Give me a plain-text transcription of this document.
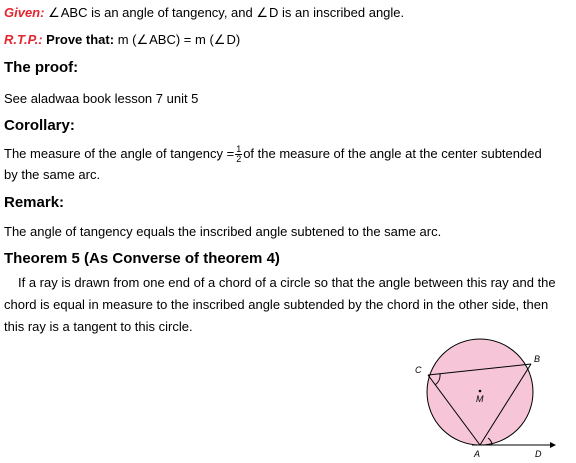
Given: ∠ABC is an angle of tangency, and ∠D is an inscribed angle.
R.T.P.: Prove that: m (∠ABC) = m (∠D)
The proof:
See aladwaa book lesson 7 unit 5
Corollary:
The measure of the angle of tangency = $\frac{1}{2}$ of the measure of the angle at the center subtended
by the same arc.
Remark:
The angle of tangency equals the inscribed angle subtened to the same arc.
Theorem 5 (As Converse of theorem 4)
If a ray is drawn from one end of a chord of a circle so that the angle between this ray and the chord is equal in measure to the inscribed angle subtended by the chord in the other side, then this ray is a tangent to this circle.
C
B
M
A	D
